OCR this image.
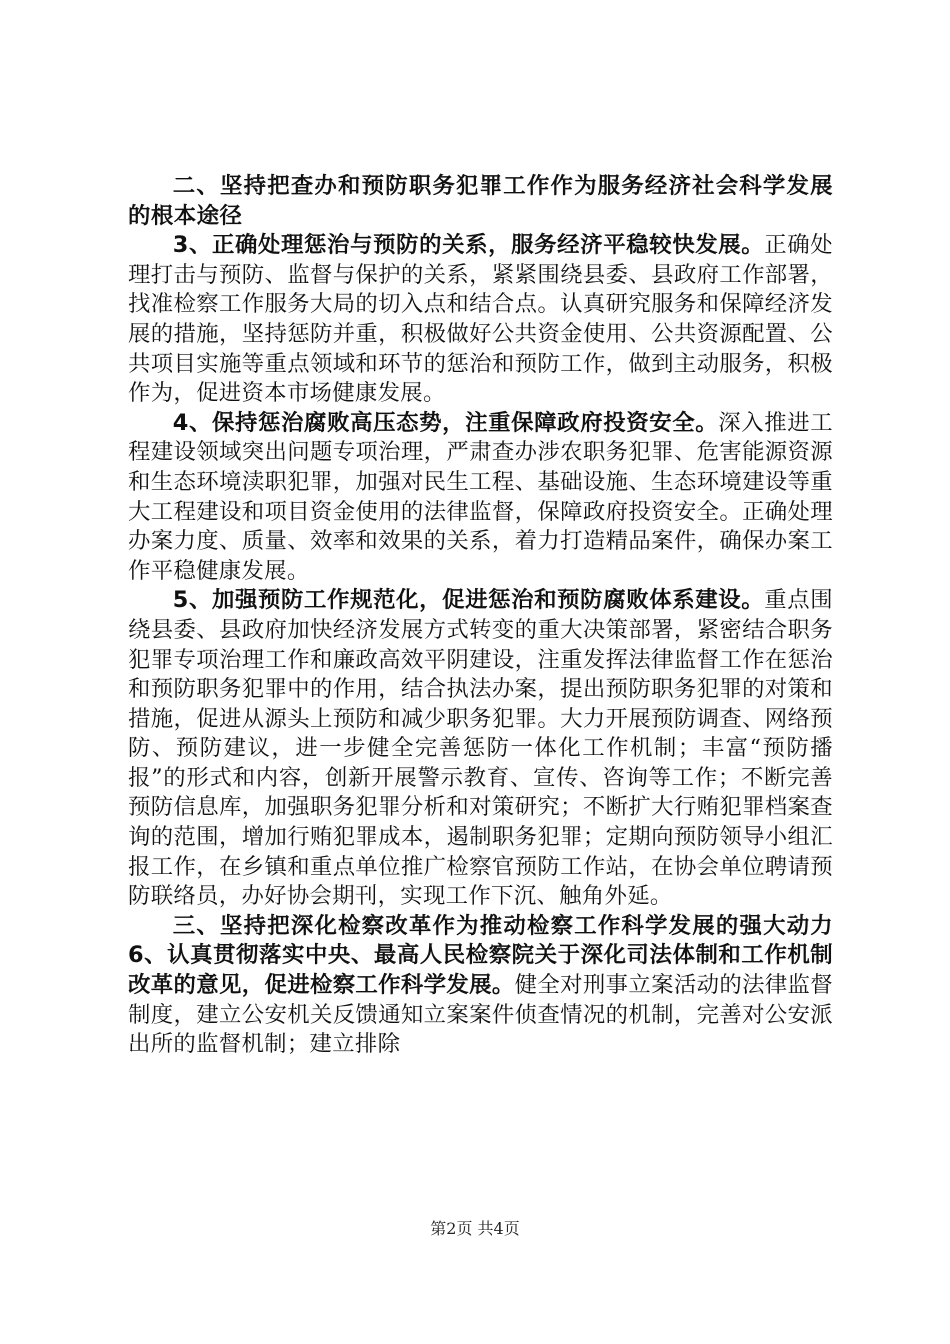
二、坚持把查办和预防职务犯罪工作作为服务经济社会科学发展的根本途径

3、正确处理惩治与预防的关系，服务经济平稳较快发展。正确处理打击与预防、监督与保护的关系，紧紧围绕县委、县政府工作部署，找准检察工作服务大局的切入点和结合点。认真研究服务和保障经济发展的措施，坚持惩防并重，积极做好公共资金使用、公共资源配置、公共项目实施等重点领域和环节的惩治和预防工作，做到主动服务，积极作为，促进资本市场健康发展。

4、保持惩治腐败高压态势，注重保障政府投资安全。深入推进工程建设领域突出问题专项治理，严肃查办涉农职务犯罪、危害能源资源和生态环境渎职犯罪，加强对民生工程、基础设施、生态环境建设等重大工程建设和项目资金使用的法律监督，保障政府投资安全。正确处理办案力度、质量、效率和效果的关系，着力打造精品案件，确保办案工作平稳健康发展。

5、加强预防工作规范化，促进惩治和预防腐败体系建设。重点围绕县委、县政府加快经济发展方式转变的重大决策部署，紧密结合职务犯罪专项治理工作和廉政高效平阴建设，注重发挥法律监督工作在惩治和预防职务犯罪中的作用，结合执法办案，提出预防职务犯罪的对策和措施，促进从源头上预防和减少职务犯罪。大力开展预防调查、网络预防、预防建议，进一步健全完善惩防一体化工作机制；丰富“预防播报”的形式和内容，创新开展警示教育、宣传、咨询等工作；不断完善预防信息库，加强职务犯罪分析和对策研究；不断扩大行贿犯罪档案查询的范围，增加行贿犯罪成本，遏制职务犯罪；定期向预防领导小组汇报工作，在乡镇和重点单位推广检察官预防工作站，在协会单位聘请预防联络员，办好协会期刊，实现工作下沉、触角外延。

三、坚持把深化检察改革作为推动检察工作科学发展的强大动力6、认真贯彻落实中央、最高人民检察院关于深化司法体制和工作机制改革的意见，促进检察工作科学发展。健全对刑事立案活动的法律监督制度，建立公安机关反馈通知立案案件侦查情况的机制，完善对公安派出所的监督机制；建立排除

第2页 共4页
